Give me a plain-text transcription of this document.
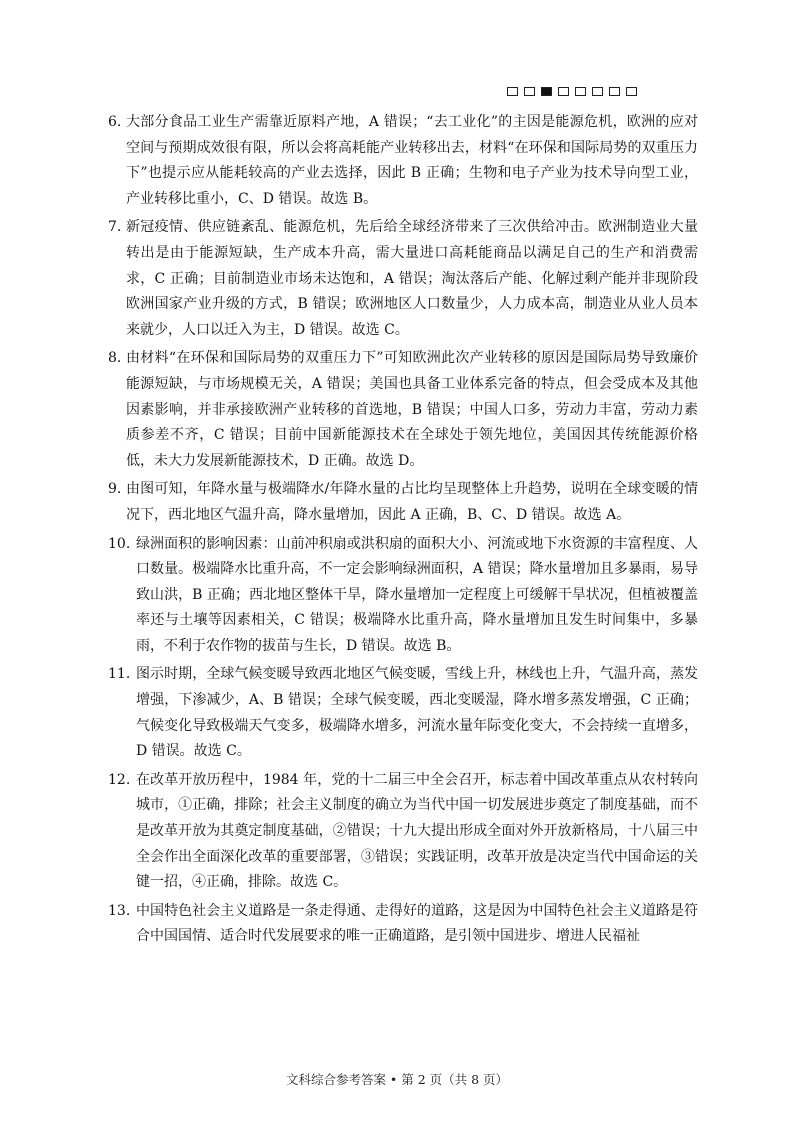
6. 大部分食品工业生产需靠近原料产地，A 错误；“去工业化”的主因是能源危机，欧洲的应对空间与预期成效很有限，所以会将高耗能产业转移出去，材料“在环保和国际局势的双重压力下”也提示应从能耗较高的产业去选择，因此 B 正确；生物和电子产业为技术导向型工业，产业转移比重小，C、D 错误。故选 B。
7. 新冠疫情、供应链紊乱、能源危机，先后给全球经济带来了三次供给冲击。欧洲制造业大量转出是由于能源短缺，生产成本升高，需大量进口高耗能商品以满足自己的生产和消费需求，C 正确；目前制造业市场未达饱和，A 错误；淘汰落后产能、化解过剩产能并非现阶段欧洲国家产业升级的方式，B 错误；欧洲地区人口数量少，人力成本高，制造业从业人员本来就少，人口以迁入为主，D 错误。故选 C。
8. 由材料“在环保和国际局势的双重压力下”可知欧洲此次产业转移的原因是国际局势导致廉价能源短缺，与市场规模无关，A 错误；美国也具备工业体系完备的特点，但会受成本及其他因素影响，并非承接欧洲产业转移的首选地，B 错误；中国人口多，劳动力丰富，劳动力素质参差不齐，C 错误；目前中国新能源技术在全球处于领先地位，美国因其传统能源价格低，未大力发展新能源技术，D 正确。故选 D。
9. 由图可知，年降水量与极端降水/年降水量的占比均呈现整体上升趋势，说明在全球变暖的情况下，西北地区气温升高，降水量增加，因此 A 正确，B、C、D 错误。故选 A。
10. 绿洲面积的影响因素：山前冲积扇或洪积扇的面积大小、河流或地下水资源的丰富程度、人口数量。极端降水比重升高，不一定会影响绿洲面积，A 错误；降水量增加且多暴雨，易导致山洪，B 正确；西北地区整体干旱，降水量增加一定程度上可缓解干旱状况，但植被覆盖率还与土壤等因素相关，C 错误；极端降水比重升高，降水量增加且发生时间集中，多暴雨，不利于农作物的拔苗与生长，D 错误。故选 B。
11. 图示时期，全球气候变暖导致西北地区气候变暖，雪线上升，林线也上升，气温升高，蒸发增强，下渗减少，A、B 错误；全球气候变暖，西北变暖湿，降水增多蒸发增强，C 正确；气候变化导致极端天气变多，极端降水增多，河流水量年际变化变大，不会持续一直增多，D 错误。故选 C。
12. 在改革开放历程中，1984 年，党的十二届三中全会召开，标志着中国改革重点从农村转向城市，①正确，排除；社会主义制度的确立为当代中国一切发展进步奠定了制度基础，而不是改革开放为其奠定制度基础，②错误；十九大提出形成全面对外开放新格局，十八届三中全会作出全面深化改革的重要部署，③错误；实践证明，改革开放是决定当代中国命运的关键一招，④正确，排除。故选 C。
13. 中国特色社会主义道路是一条走得通、走得好的道路，这是因为中国特色社会主义道路是符合中国国情、适合时代发展要求的唯一正确道路，是引领中国进步、增进人民福祉
文科综合参考答案 • 第 2 页（共 8 页）
